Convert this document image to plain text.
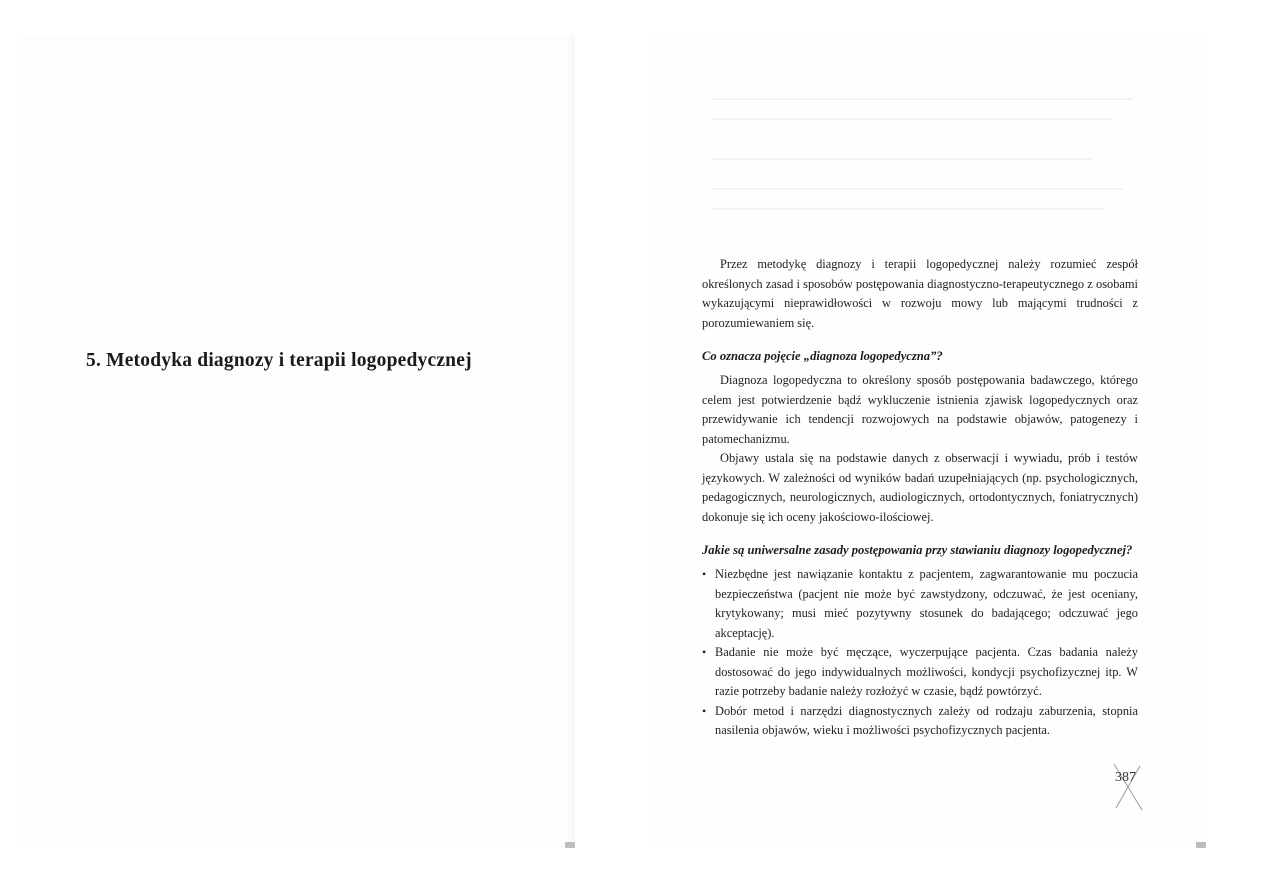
5. Metodyka diagnozy i terapii logopedycznej

Przez metodykę diagnozy i terapii logopedycznej należy rozumieć zespół określonych zasad i sposobów postępowania diagnostyczno-terapeutycznego z osobami wykazującymi nieprawidłowości w rozwoju mowy lub mającymi trudności z porozumiewaniem się.

Co oznacza pojęcie „diagnoza logopedyczna”?

Diagnoza logopedyczna to określony sposób postępowania badawczego, którego celem jest potwierdzenie bądź wykluczenie istnienia zjawisk logopedycznych oraz przewidywanie ich tendencji rozwojowych na podstawie objawów, patogenezy i patomechanizmu.

Objawy ustala się na podstawie danych z obserwacji i wywiadu, prób i testów językowych. W zależności od wyników badań uzupełniających (np. psychologicznych, pedagogicznych, neurologicznych, audiologicznych, ortodontycznych, foniatrycznych) dokonuje się ich oceny jakościowo-ilościowej.

Jakie są uniwersalne zasady postępowania przy stawianiu diagnozy logopedycznej?
• Niezbędne jest nawiązanie kontaktu z pacjentem, zagwarantowanie mu poczucia bezpieczeństwa (pacjent nie może być zawstydzony, odczuwać, że jest oceniany, krytykowany; musi mieć pozytywny stosunek do badającego; odczuwać jego akceptację).
• Badanie nie może być męczące, wyczerpujące pacjenta. Czas badania należy dostosować do jego indywidualnych możliwości, kondycji psychofizycznej itp. W razie potrzeby badanie należy rozłożyć w czasie, bądź powtórzyć.
• Dobór metod i narzędzi diagnostycznych zależy od rodzaju zaburzenia, stopnia nasilenia objawów, wieku i możliwości psychofizycznych pacjenta.
387
